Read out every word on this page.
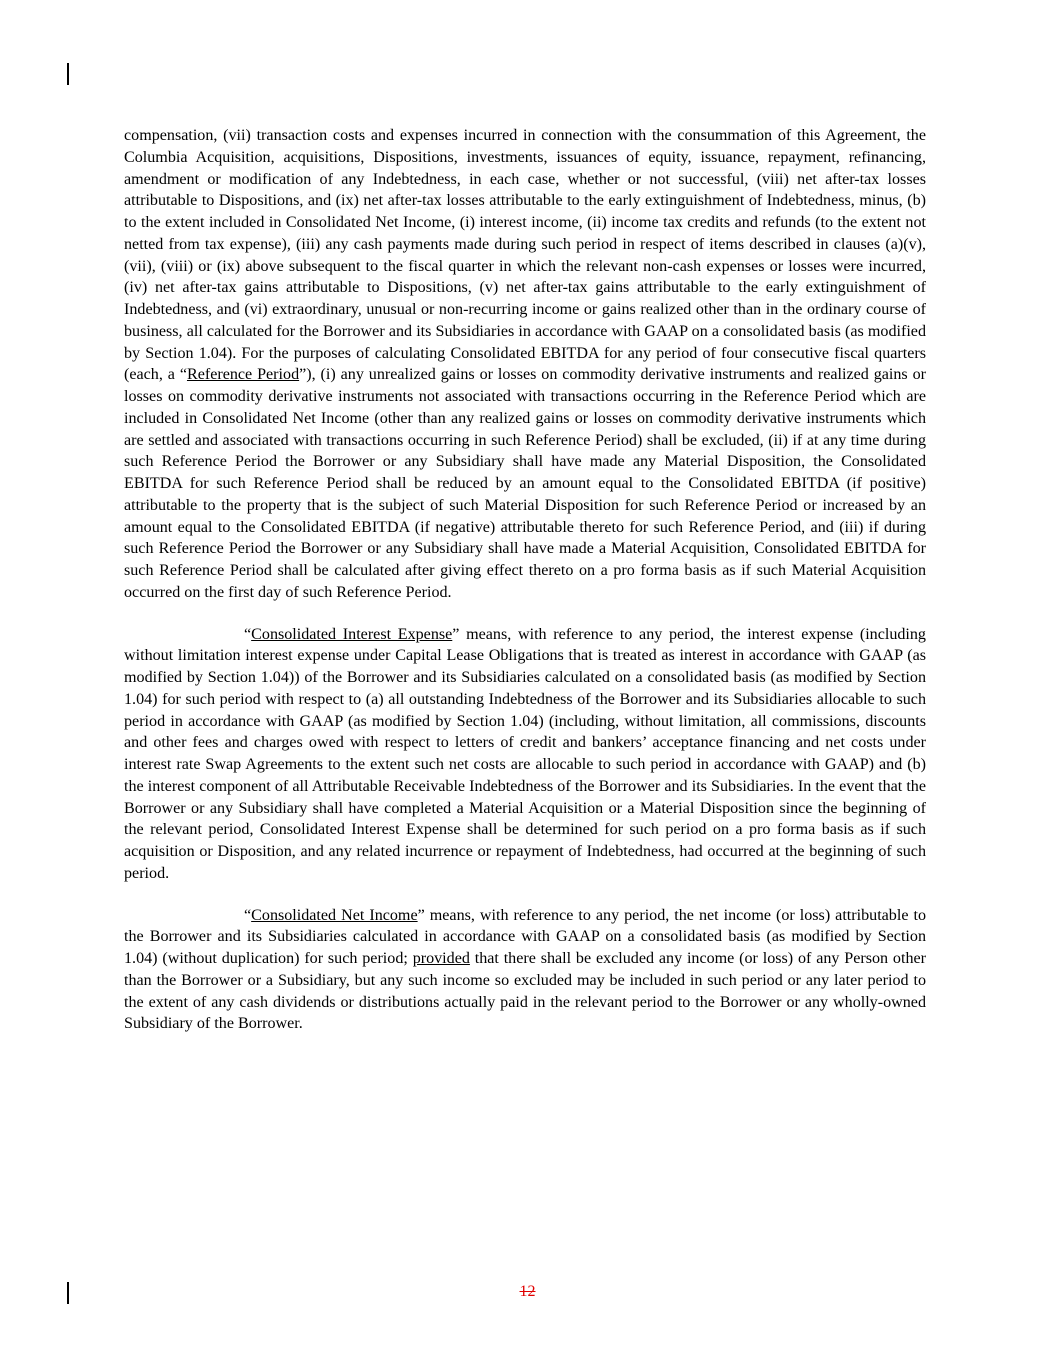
compensation, (vii) transaction costs and expenses incurred in connection with the consummation of this Agreement, the Columbia Acquisition, acquisitions, Dispositions, investments, issuances of equity, issuance, repayment, refinancing, amendment or modification of any Indebtedness, in each case, whether or not successful, (viii) net after-tax losses attributable to Dispositions, and (ix) net after-tax losses attributable to the early extinguishment of Indebtedness, minus, (b) to the extent included in Consolidated Net Income, (i) interest income, (ii) income tax credits and refunds (to the extent not netted from tax expense), (iii) any cash payments made during such period in respect of items described in clauses (a)(v), (vii), (viii) or (ix) above subsequent to the fiscal quarter in which the relevant non-cash expenses or losses were incurred, (iv) net after-tax gains attributable to Dispositions, (v) net after-tax gains attributable to the early extinguishment of Indebtedness, and (vi) extraordinary, unusual or non-recurring income or gains realized other than in the ordinary course of business, all calculated for the Borrower and its Subsidiaries in accordance with GAAP on a consolidated basis (as modified by Section 1.04). For the purposes of calculating Consolidated EBITDA for any period of four consecutive fiscal quarters (each, a “Reference Period”), (i) any unrealized gains or losses on commodity derivative instruments and realized gains or losses on commodity derivative instruments not associated with transactions occurring in the Reference Period which are included in Consolidated Net Income (other than any realized gains or losses on commodity derivative instruments which are settled and associated with transactions occurring in such Reference Period) shall be excluded, (ii) if at any time during such Reference Period the Borrower or any Subsidiary shall have made any Material Disposition, the Consolidated EBITDA for such Reference Period shall be reduced by an amount equal to the Consolidated EBITDA (if positive) attributable to the property that is the subject of such Material Disposition for such Reference Period or increased by an amount equal to the Consolidated EBITDA (if negative) attributable thereto for such Reference Period, and (iii) if during such Reference Period the Borrower or any Subsidiary shall have made a Material Acquisition, Consolidated EBITDA for such Reference Period shall be calculated after giving effect thereto on a pro forma basis as if such Material Acquisition occurred on the first day of such Reference Period.

“Consolidated Interest Expense” means, with reference to any period, the interest expense (including without limitation interest expense under Capital Lease Obligations that is treated as interest in accordance with GAAP (as modified by Section 1.04)) of the Borrower and its Subsidiaries calculated on a consolidated basis (as modified by Section 1.04) for such period with respect to (a) all outstanding Indebtedness of the Borrower and its Subsidiaries allocable to such period in accordance with GAAP (as modified by Section 1.04) (including, without limitation, all commissions, discounts and other fees and charges owed with respect to letters of credit and bankers’ acceptance financing and net costs under interest rate Swap Agreements to the extent such net costs are allocable to such period in accordance with GAAP) and (b) the interest component of all Attributable Receivable Indebtedness of the Borrower and its Subsidiaries. In the event that the Borrower or any Subsidiary shall have completed a Material Acquisition or a Material Disposition since the beginning of the relevant period, Consolidated Interest Expense shall be determined for such period on a pro forma basis as if such acquisition or Disposition, and any related incurrence or repayment of Indebtedness, had occurred at the beginning of such period.

“Consolidated Net Income” means, with reference to any period, the net income (or loss) attributable to the Borrower and its Subsidiaries calculated in accordance with GAAP on a consolidated basis (as modified by Section 1.04) (without duplication) for such period; provided that there shall be excluded any income (or loss) of any Person other than the Borrower or a Subsidiary, but any such income so excluded may be included in such period or any later period to the extent of any cash dividends or distributions actually paid in the relevant period to the Borrower or any wholly-owned Subsidiary of the Borrower.

12
